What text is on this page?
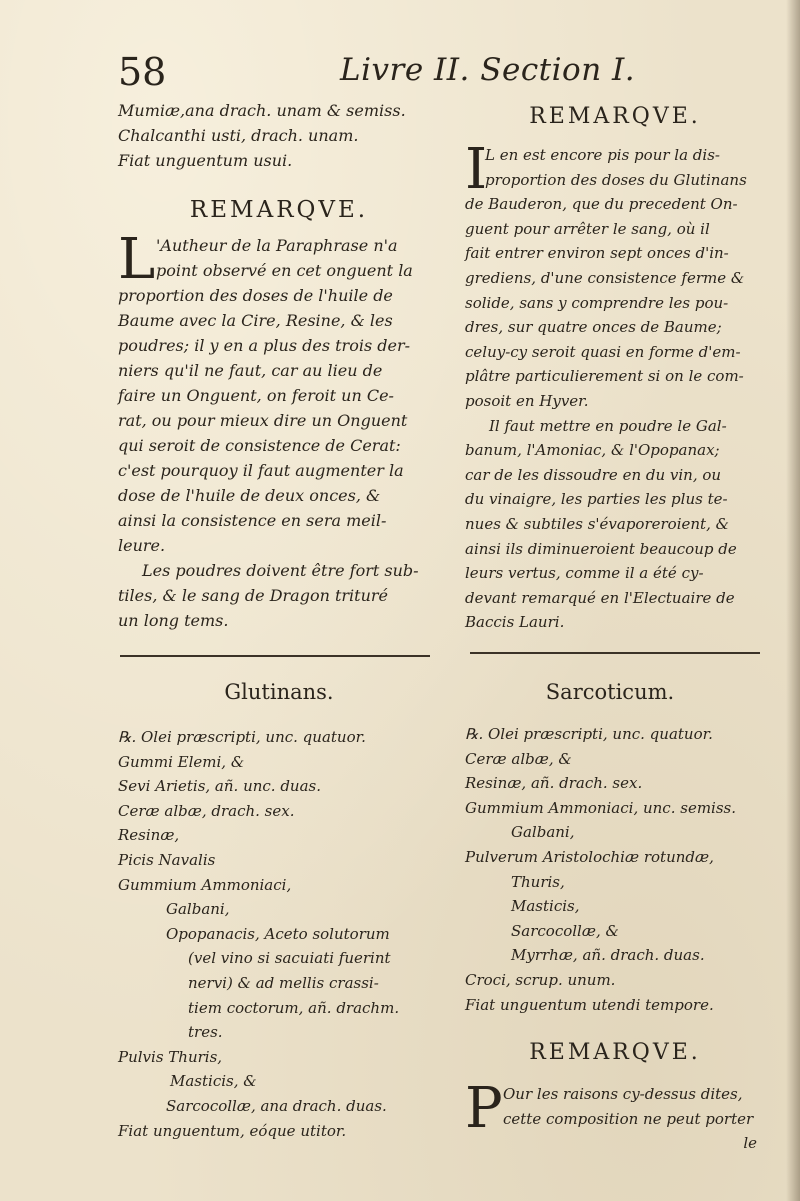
58	Livre II. Section I.
Mumiæ,ana drach. unam & semiss.
Chalcanthi usti, drach. unam.
Fiat unguentum usui.
REMARQVE.
L 'Autheur de la Paraphrase n'a
point observé en cet onguent la
proportion des doses de l'huile de
Baume avec la Cire, Resine, & les
poudres; il y en a plus des trois der-
niers qu'il ne faut, car au lieu de
faire un Onguent, on feroit un Ce-
rat, ou pour mieux dire un Onguent
qui seroit de consistence de Cerat:
c'est pourquoy il faut augmenter la
dose de l'huile de deux onces, &
ainsi la consistence en sera meil-
leure.
Les poudres doivent être fort sub-
tiles, & le sang de Dragon trituré
un long tems.
Glutinans.
℞. Olei præscripti, unc. quatuor.
Gummi Elemi, &
Sevi Arietis, añ. unc. duas.
Ceræ albæ, drach. sex.
Resinæ,
Picis Navalis
Gummium Ammoniaci,
Galbani,
Opopanacis, Aceto solutorum
(vel vino si sacuiati fuerint
nervi) & ad mellis crassi-
tiem coctorum, añ. drachm.
tres.
Pulvis Thuris,
Masticis, &
Sarcocollæ, ana drach. duas.
Fiat unguentum, eóque utitor.
REMARQVE.
I
L en est encore pis pour la dis-
proportion des doses du Glutinans
de Bauderon, que du precedent On-
guent pour arrêter le sang, où il
fait entrer environ sept onces d'in-
grediens, d'une consistence ferme &
solide, sans y comprendre les pou-
dres, sur quatre onces de Baume;
celuy-cy seroit quasi en forme d'em-
plâtre particulierement si on le com-
posoit en Hyver.
Il faut mettre en poudre le Gal-
banum, l'Amoniac, & l'Opopanax;
car de les dissoudre en du vin, ou
du vinaigre, les parties les plus te-
nues & subtiles s'évaporeroient, &
ainsi ils diminueroient beaucoup de
leurs vertus, comme il a été cy-
devant remarqué en l'Electuaire de
Baccis Lauri.
Sarcoticum.
℞. Olei præscripti, unc. quatuor.
Ceræ albæ, &
Resinæ, añ. drach. sex.
Gummium Ammoniaci, unc. semiss.
Galbani,
Pulverum Aristolochiæ rotundæ,
Thuris,
Masticis,
Sarcocollæ, &
Myrrhæ, añ. drach. duas.
Croci, scrup. unum.
Fiat unguentum utendi tempore.
REMARQVE.
P Our les raisons cy-dessus dites,
cette composition ne peut porter
le
